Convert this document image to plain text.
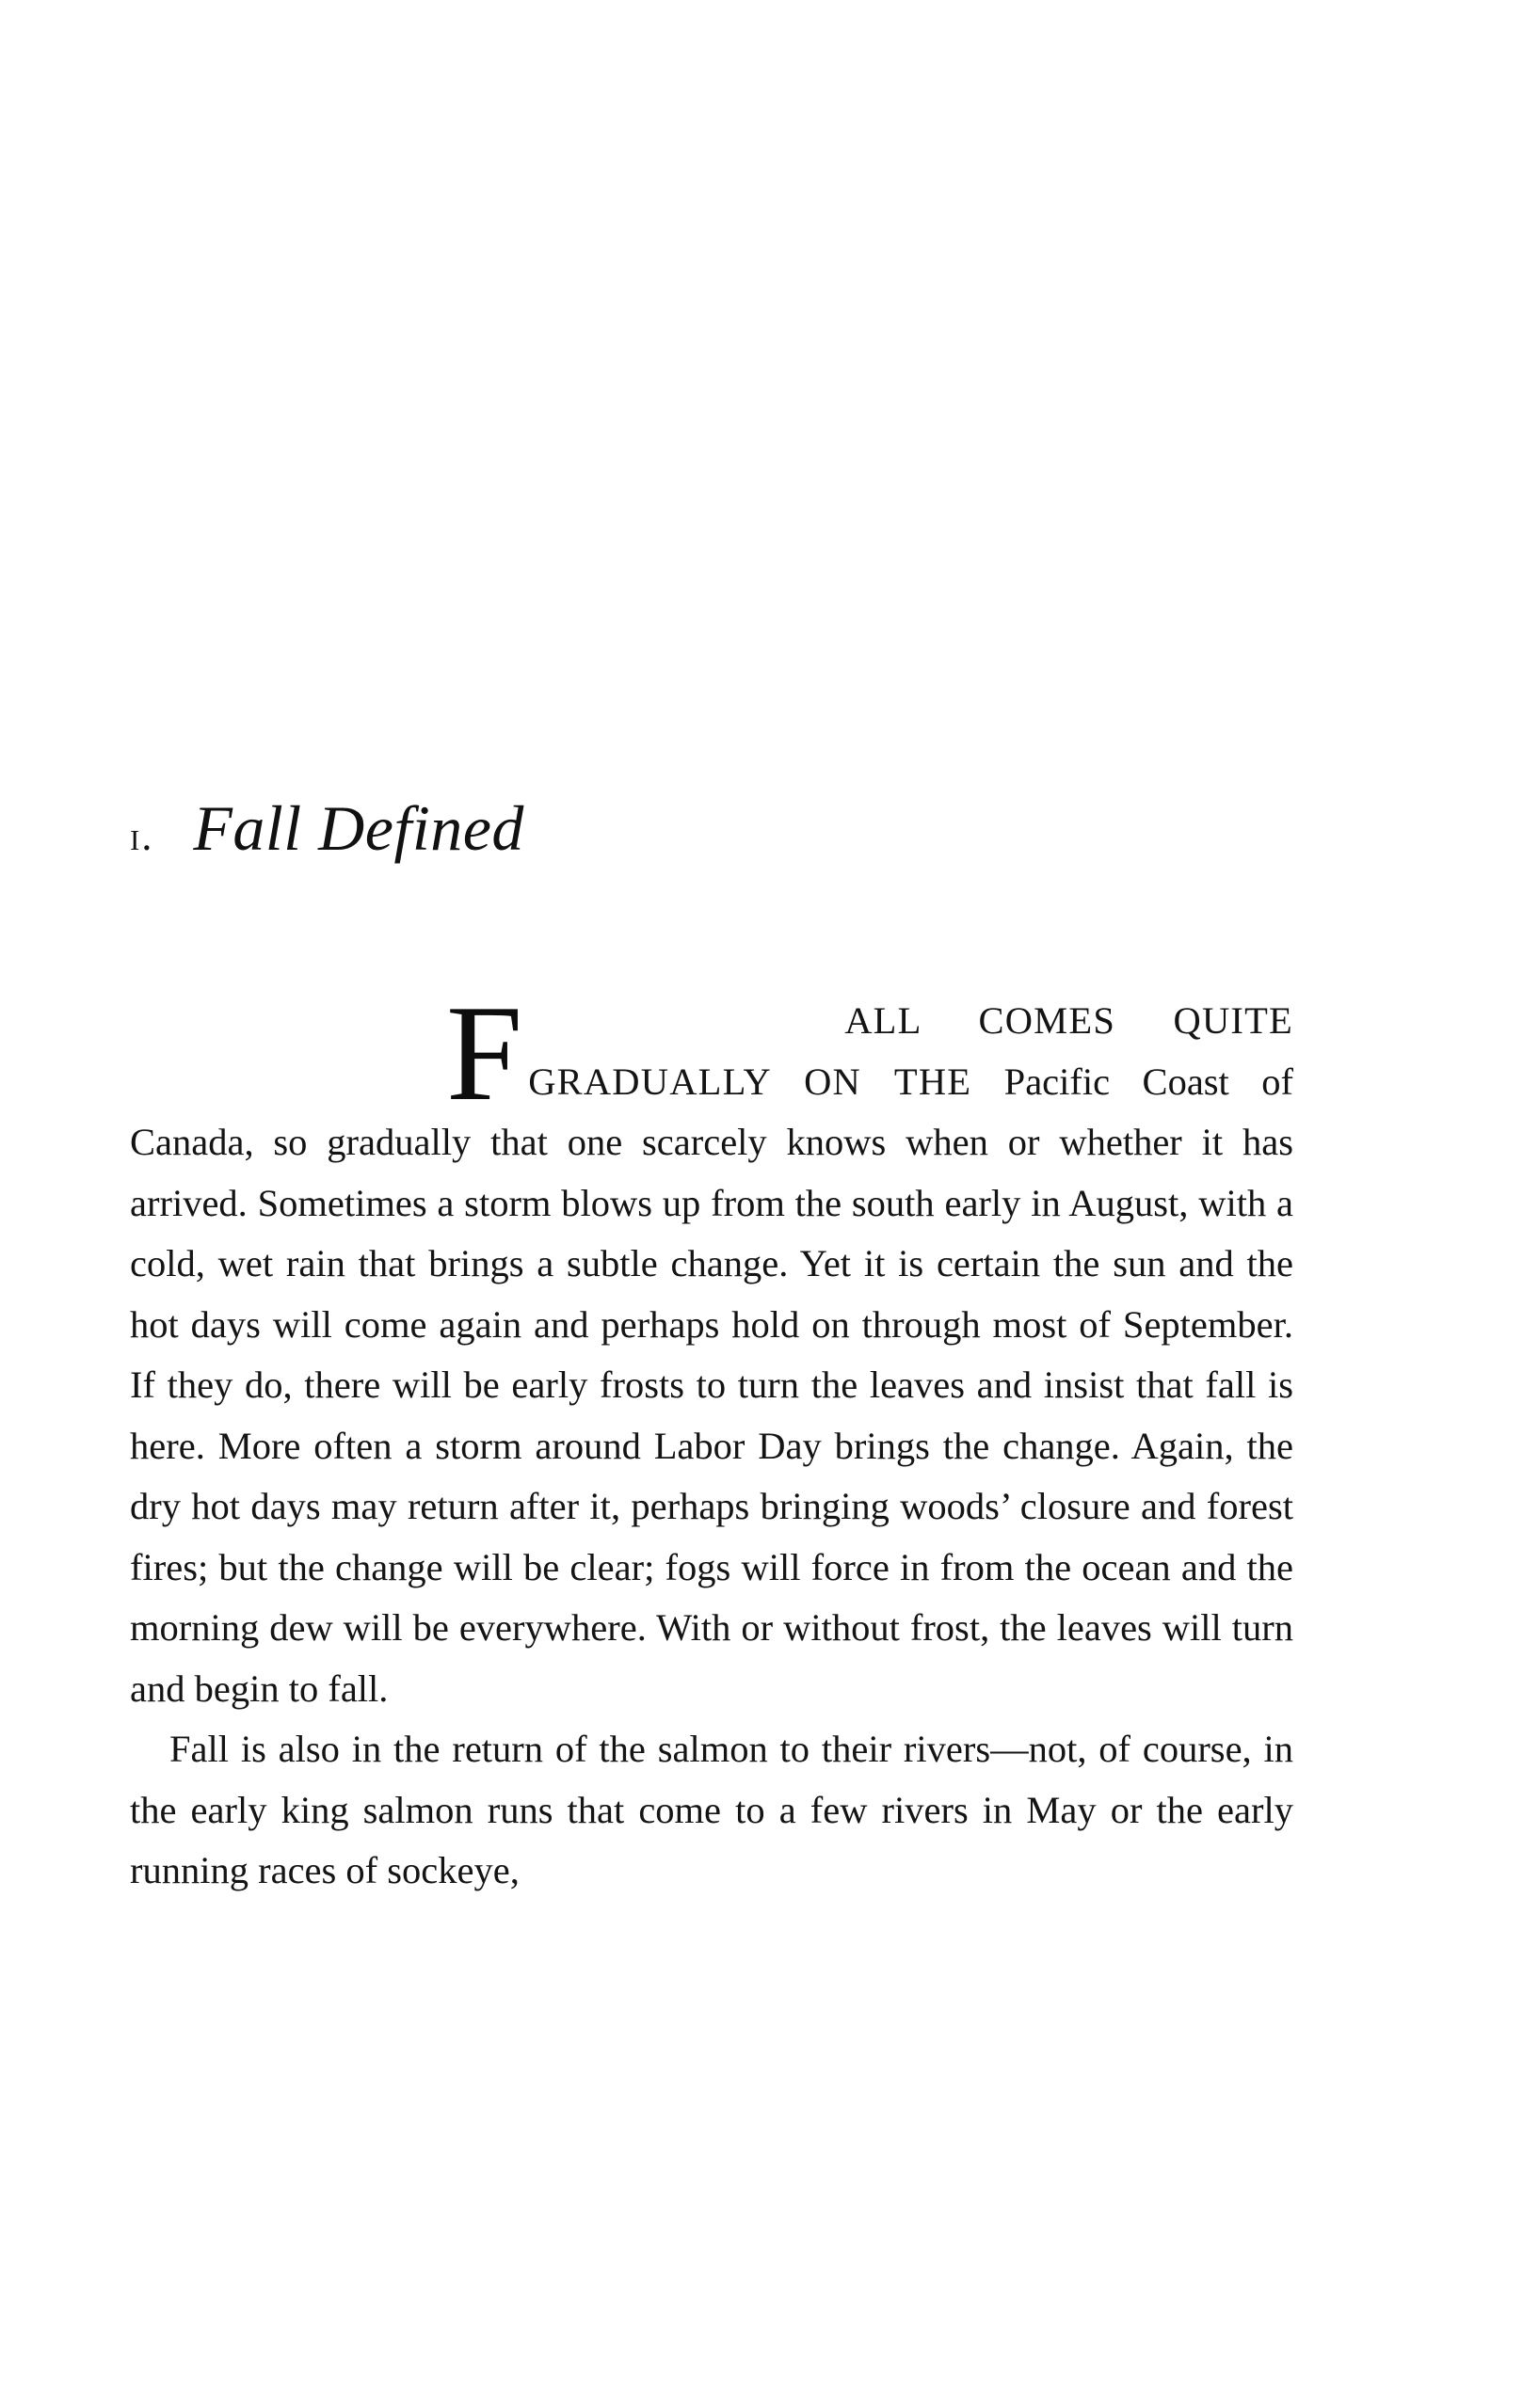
i. Fall Defined

F	ALL COMES QUITE GRADUALLY ON THE Pacific Coast of Canada, so gradually that one scarcely knows when or whether it has arrived. Sometimes a storm blows up from the south early in August, with a cold, wet rain that brings a subtle change. Yet it is certain the sun and the hot days will come again and perhaps hold on through most of September. If they do, there will be early frosts to turn the leaves and insist that fall is here. More often a storm around Labor Day brings the change. Again, the dry hot days may return after it, perhaps bringing woods’ closure and forest fires; but the change will be clear; fogs will force in from the ocean and the morning dew will be everywhere. With or without frost, the leaves will turn and begin to fall.

Fall is also in the return of the salmon to their rivers—not, of course, in the early king salmon runs that come to a few rivers in May or the early running races of sockeye,
